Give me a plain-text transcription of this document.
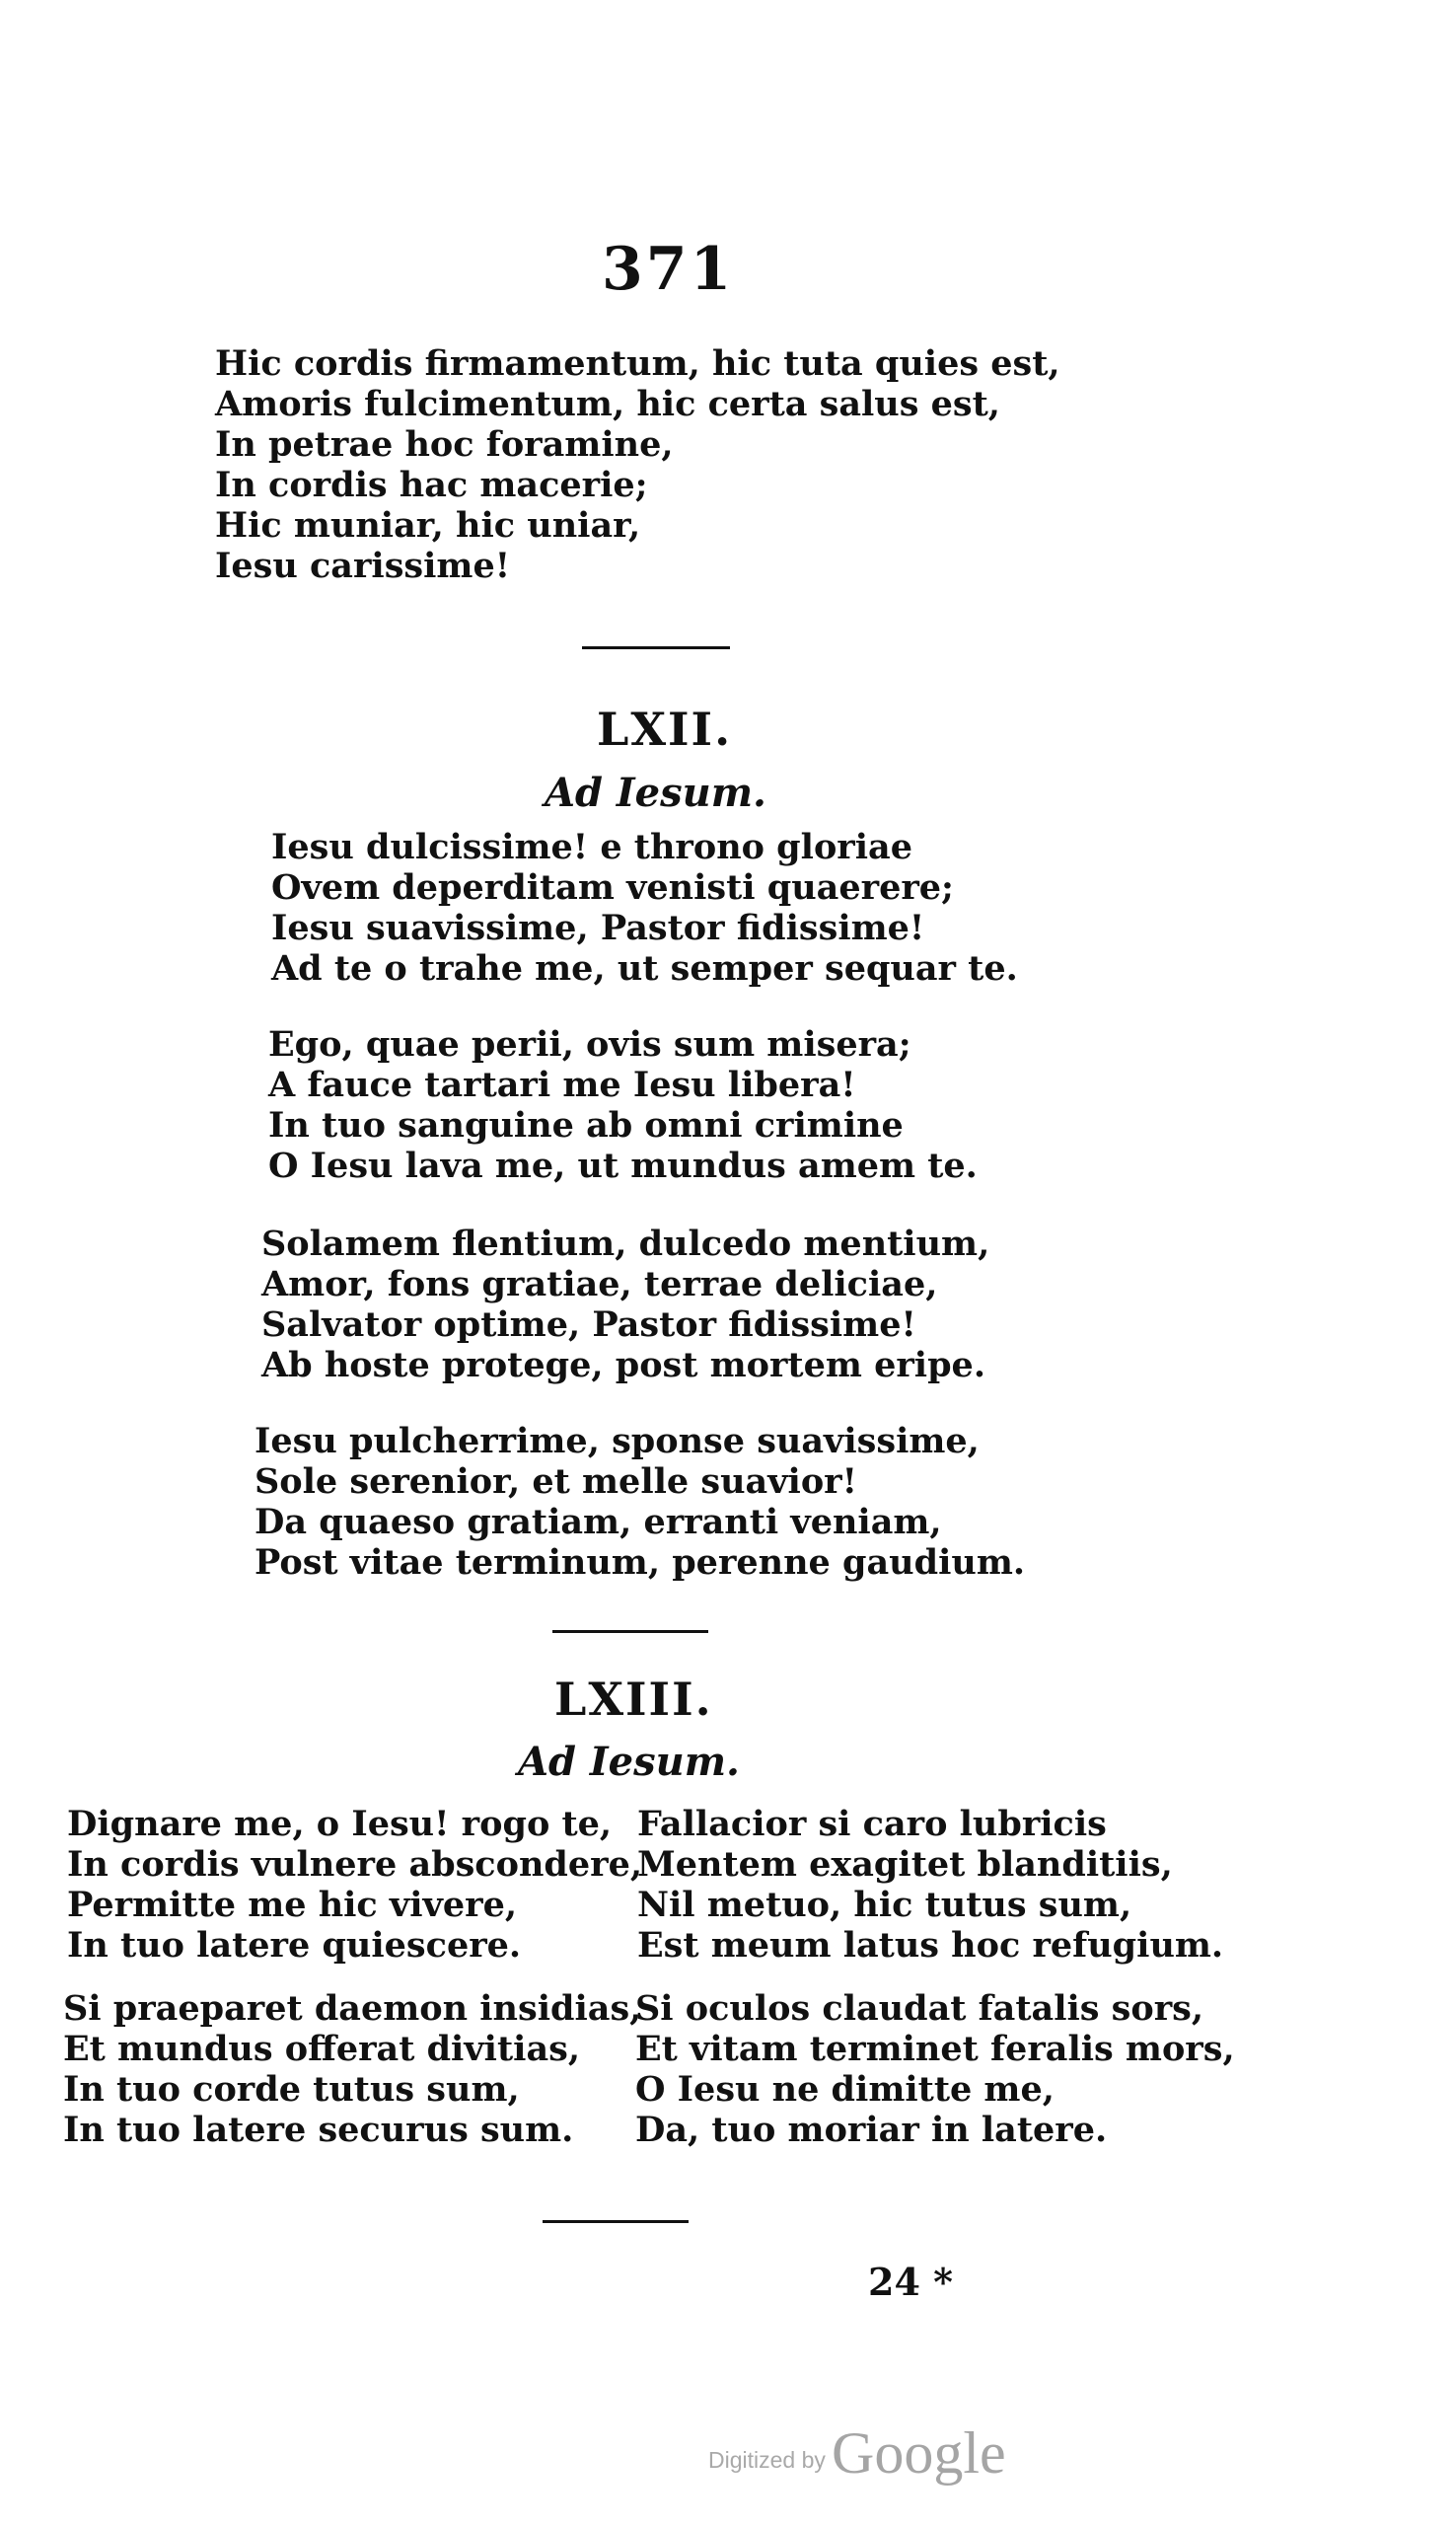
371
Hic cordis firmamentum, hic tuta quies est,
Amoris fulcimentum, hic certa salus est,
In petrae hoc foramine,
In cordis hac macerie;
Hic muniar, hic uniar,
Iesu carissime!
LXII.
Ad Iesum.
Iesu dulcissime! e throno gloriae
Ovem deperditam venisti quaerere;
Iesu suavissime, Pastor fidissime!
Ad te o trahe me, ut semper sequar te.
Ego, quae perii, ovis sum misera;
A fauce tartari me Iesu libera!
In tuo sanguine ab omni crimine
O Iesu lava me, ut mundus amem te.
Solamem flentium, dulcedo mentium,
Amor, fons gratiae, terrae deliciae,
Salvator optime, Pastor fidissime!
Ab hoste protege, post mortem eripe.
Iesu pulcherrime, sponse suavissime,
Sole serenior, et melle suavior!
Da quaeso gratiam, erranti veniam,
Post vitae terminum, perenne gaudium.
LXIII.
Ad Iesum.
Dignare me, o Iesu! rogo te,
In cordis vulnere abscondere,
Permitte me hic vivere,
In tuo latere quiescere.
Fallacior si caro lubricis
Mentem exagitet blanditiis,
Nil metuo, hic tutus sum,
Est meum latus hoc refugium.
Si praeparet daemon insidias,
Et mundus offerat divitias,
In tuo corde tutus sum,
In tuo latere securus sum.
Si oculos claudat fatalis sors,
Et vitam terminet feralis mors,
O Iesu ne dimitte me,
Da, tuo moriar in latere.

24 *

Digitized by Google
